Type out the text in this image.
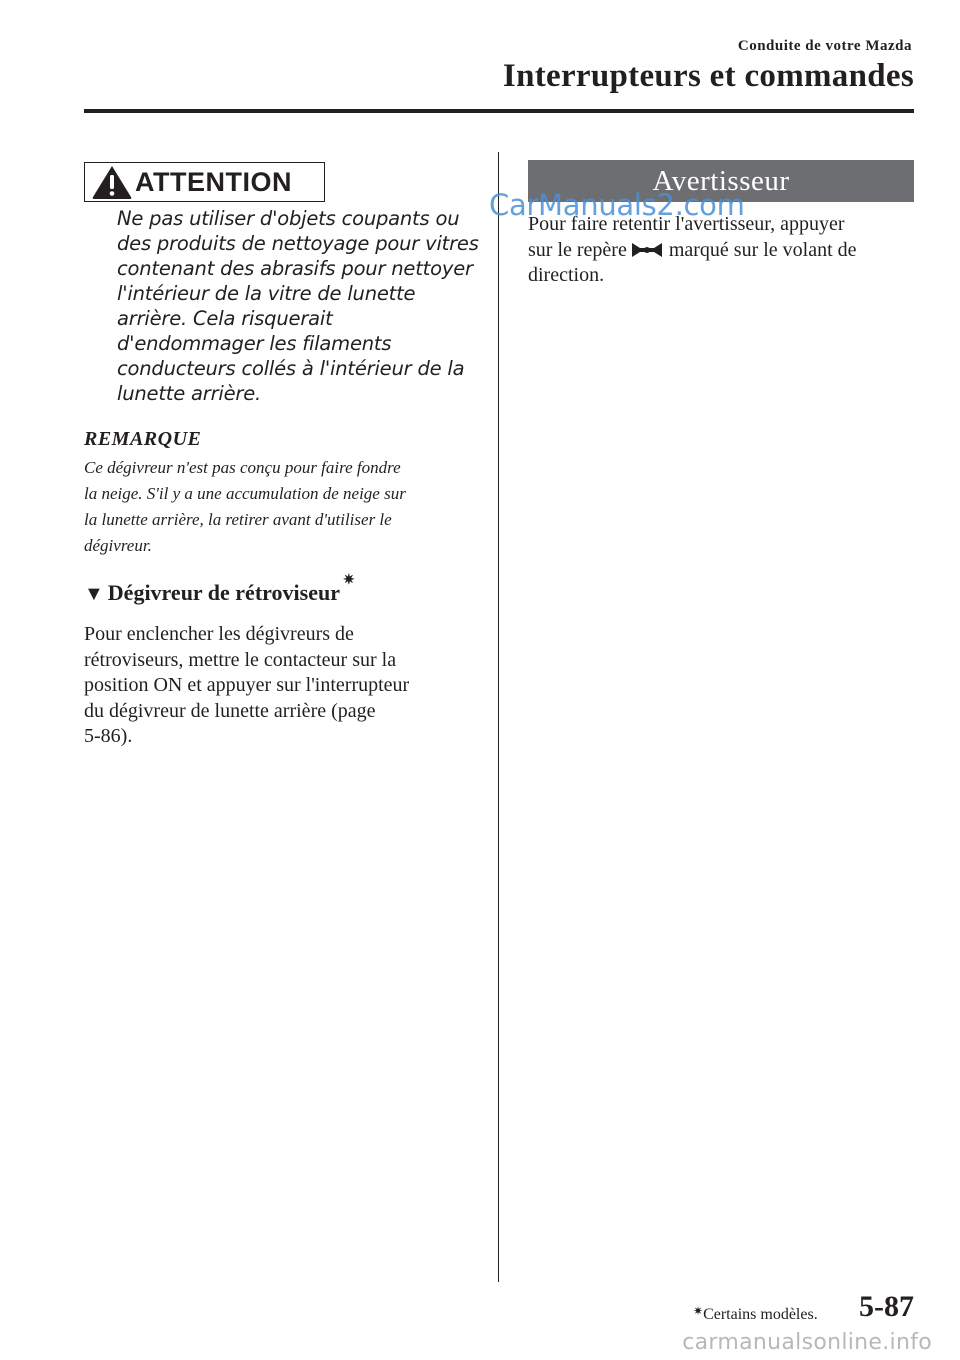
Conduite de votre Mazda
Interrupteurs et commandes
ATTENTION
Ne pas utiliser d'objets coupants ou
des produits de nettoyage pour vitres
contenant des abrasifs pour nettoyer
l'intérieur de la vitre de lunette
arrière. Cela risquerait
d'endommager les filaments
conducteurs collés à l'intérieur de la
lunette arrière.
REMARQUE
Ce dégivreur n'est pas conçu pour faire fondre
la neige. S'il y a une accumulation de neige sur
la lunette arrière, la retirer avant d'utiliser le
dégivreur.
▼ Dégivreur de rétroviseur ✷
Pour enclencher les dégivreurs de
rétroviseurs, mettre le contacteur sur la
position ON et appuyer sur l'interrupteur
du dégivreur de lunette arrière (page
5-86).
Avertisseur
CarManuals2.com
Pour faire retentir l'avertisseur, appuyer
sur le repère marqué sur le volant de
direction.
✷Certains modèles. 5-87
carmanualsonline.info
